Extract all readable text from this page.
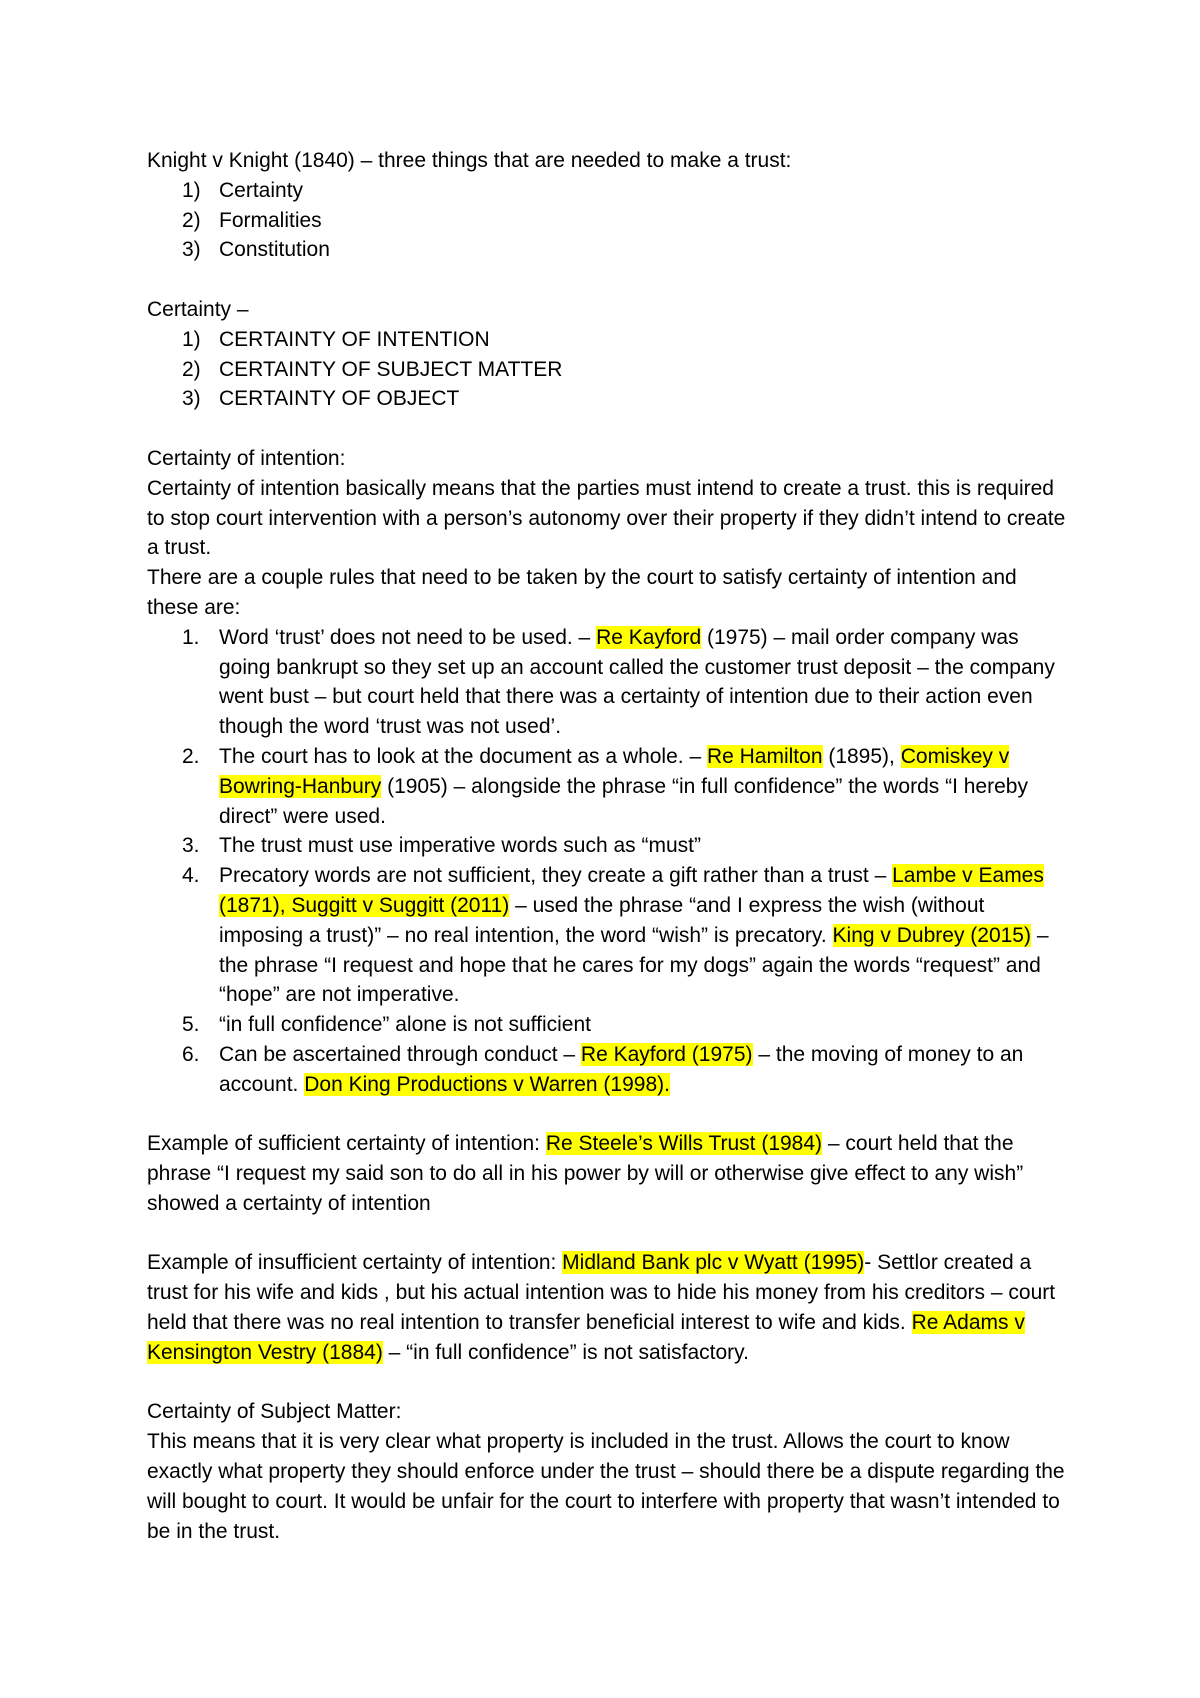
Knight v Knight (1840) – three things that are needed to make a trust:

1) Certainty
2) Formalities
3) Constitution

Certainty –

1) CERTAINTY OF INTENTION
2) CERTAINTY OF SUBJECT MATTER
3) CERTAINTY OF OBJECT

Certainty of intention:

Certainty of intention basically means that the parties must intend to create a trust. this is required to stop court intervention with a person’s autonomy over their property if they didn’t intend to create a trust.

There are a couple rules that need to be taken by the court to satisfy certainty of intention and these are:

1. Word ‘trust’ does not need to be used. – Re Kayford (1975) – mail order company was going bankrupt so they set up an account called the customer trust deposit – the company went bust – but court held that there was a certainty of intention due to their action even though the word ‘trust was not used’.
2. The court has to look at the document as a whole. – Re Hamilton (1895), Comiskey v Bowring-Hanbury (1905) – alongside the phrase “in full confidence” the words “I hereby direct” were used.
3. The trust must use imperative words such as “must”
4. Precatory words are not sufficient, they create a gift rather than a trust – Lambe v Eames (1871), Suggitt v Suggitt (2011) – used the phrase “and I express the wish (without imposing a trust)” – no real intention, the word “wish” is precatory. King v Dubrey (2015) – the phrase “I request and hope that he cares for my dogs” again the words “request” and “hope” are not imperative.
5. “in full confidence” alone is not sufficient
6. Can be ascertained through conduct – Re Kayford (1975) – the moving of money to an account. Don King Productions v Warren (1998).

Example of sufficient certainty of intention: Re Steele’s Wills Trust (1984) – court held that the phrase “I request my said son to do all in his power by will or otherwise give effect to any wish” showed a certainty of intention

Example of insufficient certainty of intention: Midland Bank plc v Wyatt (1995)- Settlor created a trust for his wife and kids , but his actual intention was to hide his money from his creditors – court held that there was no real intention to transfer beneficial interest to wife and kids. Re Adams v Kensington Vestry (1884) – “in full confidence” is not satisfactory.

Certainty of Subject Matter:

This means that it is very clear what property is included in the trust. Allows the court to know exactly what property they should enforce under the trust – should there be a dispute regarding the will bought to court. It would be unfair for the court to interfere with property that wasn’t intended to be in the trust.
